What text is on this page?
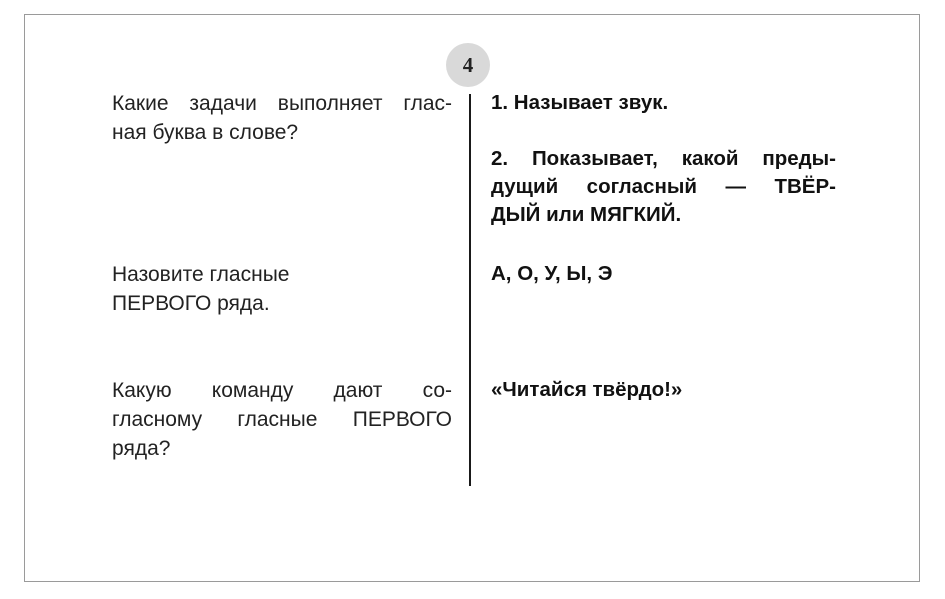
4
Какие задачи выполняет глас-
ная буква в слове?
1. Называет звук.
2. Показывает, какой преды-
дущий согласный — ТВЁР-
ДЫЙ или МЯГКИЙ.
Назовите гласные
ПЕРВОГО ряда.
А, О, У, Ы, Э
Какую команду дают со-
гласному гласные ПЕРВОГО
ряда?
«Читайся твёрдо!»
